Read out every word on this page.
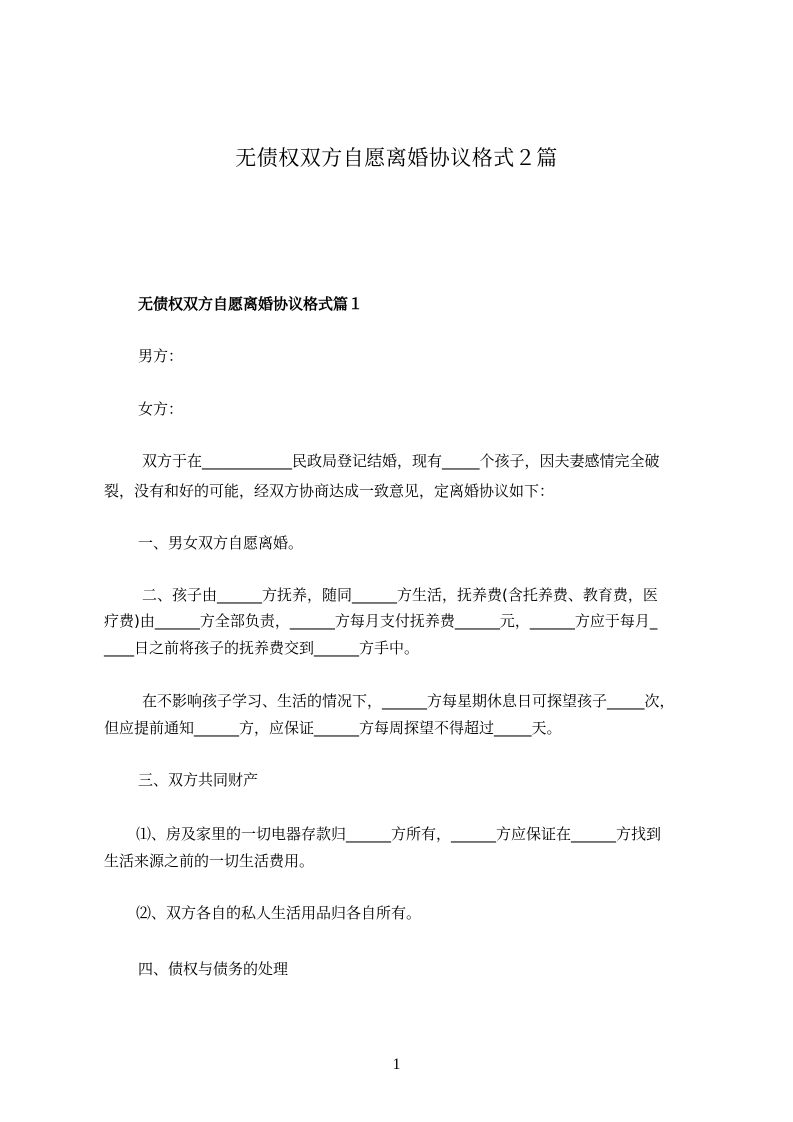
无债权双方自愿离婚协议格式２篇
无债权双方自愿离婚协议格式篇１
男方：
女方：
双方于在____________民政局登记结婚，现有_____个孩子，因夫妻感情完全破
裂，没有和好的可能，经双方协商达成一致意见，定离婚协议如下：
一、男女双方自愿离婚。
二、孩子由______方抚养，随同______方生活，抚养费(含托养费、教育费，医
疗费)由______方全部负责，______方每月支付抚养费______元，______方应于每月_
____日之前将孩子的抚养费交到______方手中。
在不影响孩子学习、生活的情况下，______方每星期休息日可探望孩子_____次，
但应提前通知______方，应保证______方每周探望不得超过_____天。
三、双方共同财产
⑴、房及家里的一切电器存款归______方所有，______方应保证在______方找到
生活来源之前的一切生活费用。
⑵、双方各自的私人生活用品归各自所有。
四、债权与债务的处理
1
